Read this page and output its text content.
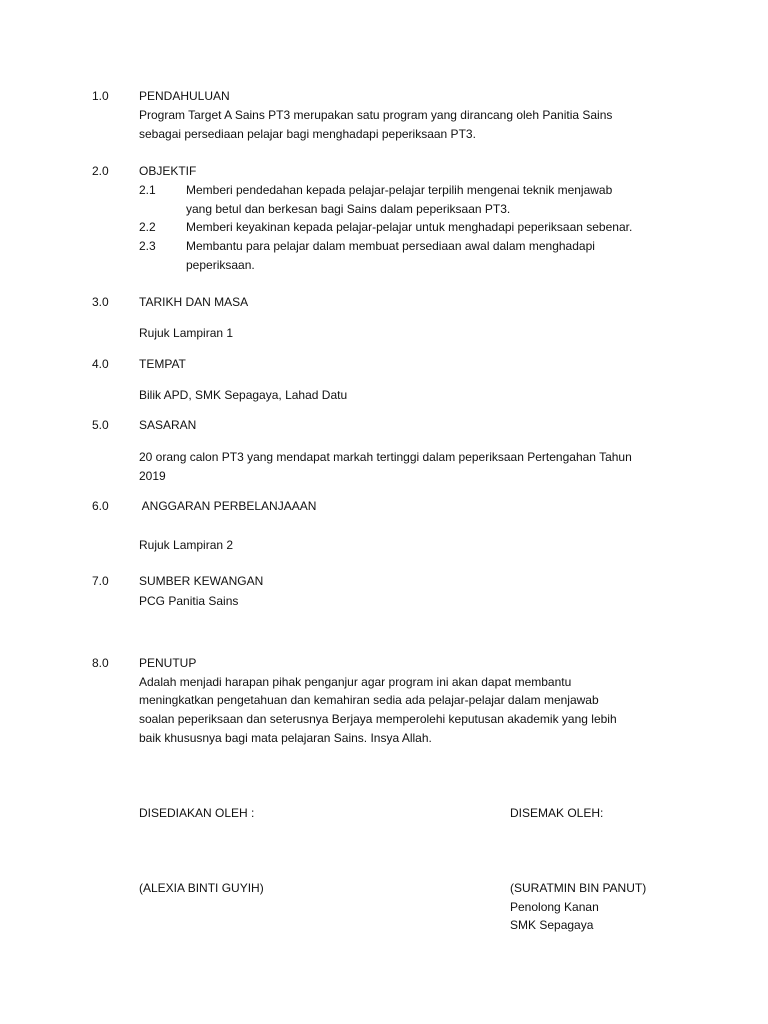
1.0	PENDAHULUAN
Program Target A Sains PT3 merupakan satu program yang dirancang oleh Panitia Sains
sebagai persediaan pelajar bagi menghadapi peperiksaan PT3.
2.0	OBJEKTIF
2.1	Memberi pendedahan kepada pelajar-pelajar terpilih mengenai teknik menjawab
yang betul dan berkesan bagi Sains dalam peperiksaan PT3.
2.2	Memberi keyakinan kepada pelajar-pelajar untuk menghadapi peperiksaan sebenar.
2.3	Membantu para pelajar dalam membuat persediaan awal dalam menghadapi
peperiksaan.
3.0	TARIKH DAN MASA
Rujuk Lampiran 1
4.0	TEMPAT
Bilik APD, SMK Sepagaya, Lahad Datu
5.0	SASARAN
20 orang calon PT3 yang mendapat markah tertinggi dalam peperiksaan Pertengahan Tahun
2019
6.0	ANGGARAN PERBELANJAAAN
Rujuk Lampiran 2
7.0	SUMBER KEWANGAN
PCG Panitia Sains
8.0	PENUTUP
Adalah menjadi harapan pihak penganjur agar program ini akan dapat membantu
meningkatkan pengetahuan dan kemahiran sedia ada pelajar-pelajar dalam menjawab
soalan peperiksaan dan seterusnya Berjaya memperolehi keputusan akademik yang lebih
baik khususnya bagi mata pelajaran Sains. Insya Allah.
DISEDIAKAN OLEH :	DISEMAK OLEH:
(ALEXIA BINTI GUYIH)	(SURATMIN BIN PANUT)
Penolong Kanan
SMK Sepagaya
